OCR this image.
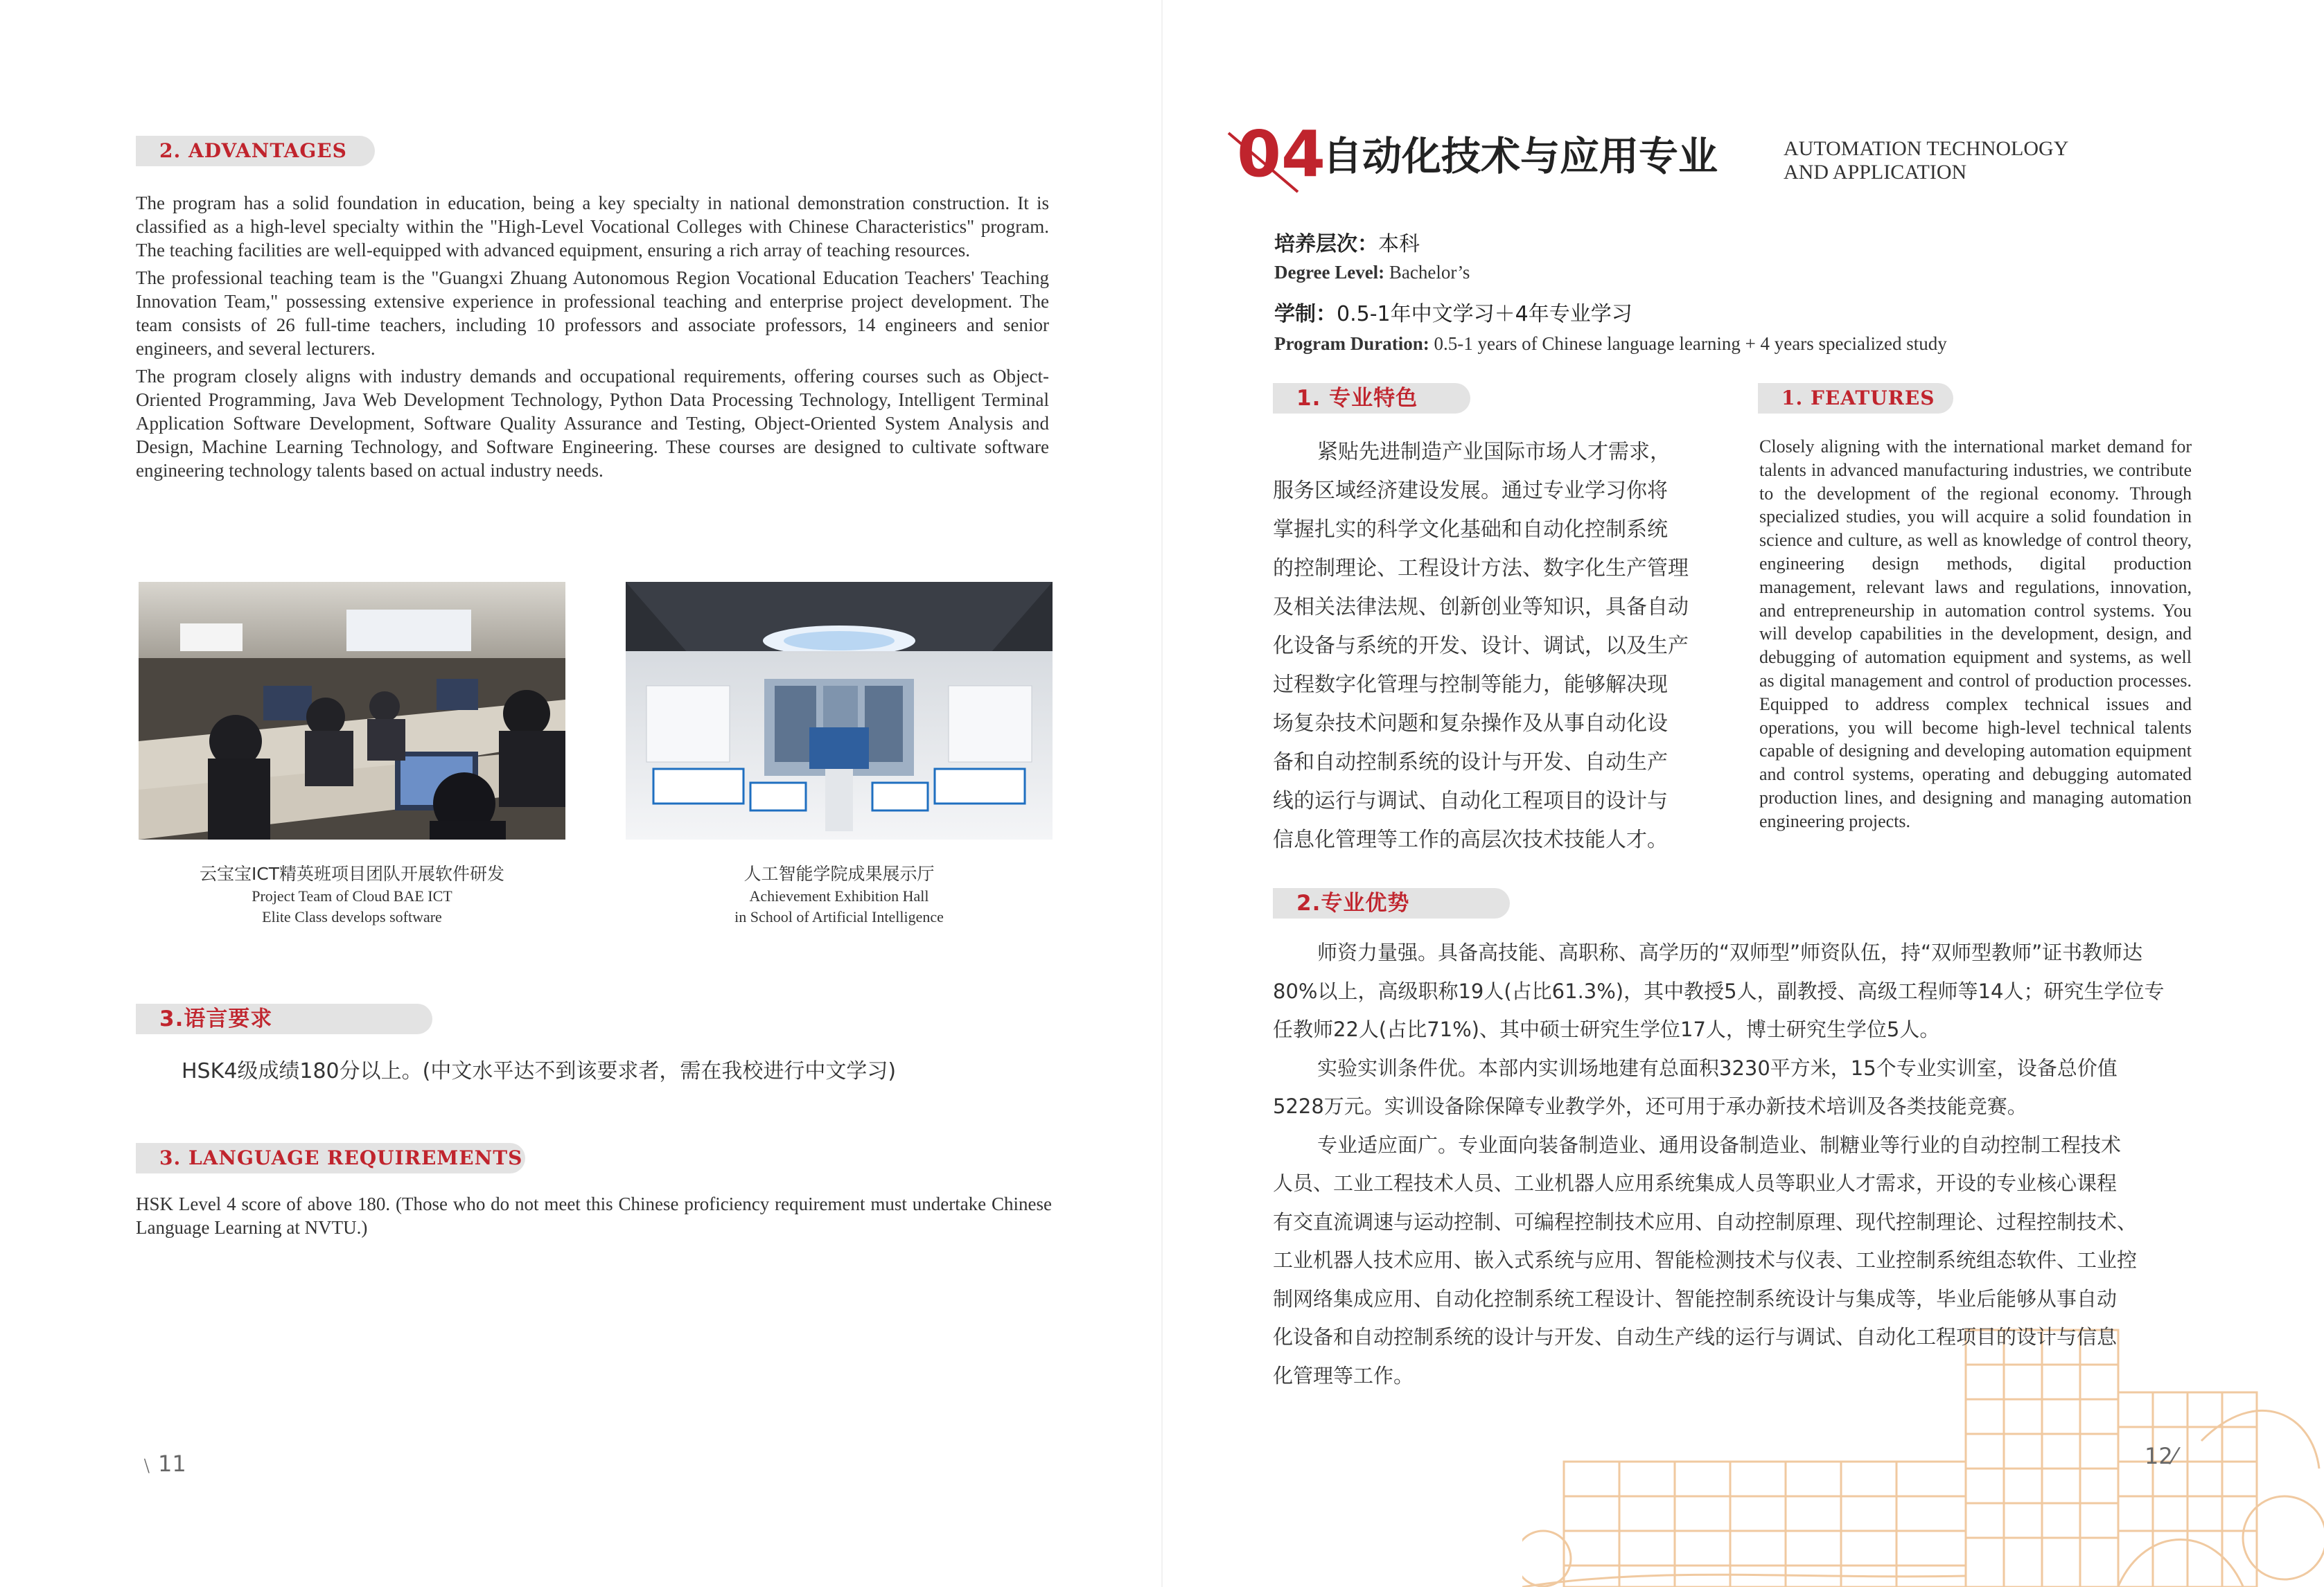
2. ADVANTAGES

The program has a solid foundation in education, being a key specialty in national demonstration construction. It is classified as a high-level specialty within the "High-Level Vocational Colleges with Chinese Characteristics" program. The teaching facilities are well-equipped with advanced equipment, ensuring a rich array of teaching resources.

The professional teaching team is the "Guangxi Zhuang Autonomous Region Vocational Education Teachers' Teaching Innovation Team," possessing extensive experience in professional teaching and enterprise project development. The team consists of 26 full-time teachers, including 10 professors and associate professors, 14 engineers and senior engineers, and several lecturers.

The program closely aligns with industry demands and occupational requirements, offering courses such as Object-Oriented Programming, Java Web Development Technology, Python Data Processing Technology, Intelligent Terminal Application Software Development, Software Quality Assurance and Testing, Object-Oriented System Analysis and Design, Machine Learning Technology, and Software Engineering. These courses are designed to cultivate software engineering technology talents based on actual industry needs.

云宝宝ICT精英班项目团队开展软件研发
Project Team of Cloud BAE ICT
Elite Class develops software
人工智能学院成果展示厅
Achievement Exhibition Hall
in School of Artificial Intelligence
3.语言要求
HSK4级成绩180分以上。(中文水平达不到该要求者，需在我校进行中文学习)
3. LANGUAGE REQUIREMENTS
HSK Level 4 score of above 180. (Those who do not meet this Chinese proficiency requirement must undertake Chinese Language Learning at NVTU.)
﹨11
04
自动化技术与应用专业	AUTOMATION TECHNOLOGY
AND APPLICATION
培养层次：本科
Degree Level: Bachelor’s
学制：0.5-1年中文学习＋4年专业学习
Program Duration: 0.5-1 years of Chinese language learning + 4 years specialized study
1. 专业特色
紧贴先进制造产业国际市场人才需求，
服务区域经济建设发展。通过专业学习你将
掌握扎实的科学文化基础和自动化控制系统
的控制理论、工程设计方法、数字化生产管理
及相关法律法规、创新创业等知识，具备自动
化设备与系统的开发、设计、调试，以及生产
过程数字化管理与控制等能力，能够解决现
场复杂技术问题和复杂操作及从事自动化设
备和自动控制系统的设计与开发、自动生产
线的运行与调试、自动化工程项目的设计与
信息化管理等工作的高层次技术技能人才。
1. FEATURES
Closely aligning with the international market demand for talents in advanced manufacturing industries, we contribute to the development of the regional economy. Through specialized studies, you will acquire a solid foundation in science and culture, as well as knowledge of control theory, engineering design methods, digital production management, relevant laws and regulations, innovation, and entrepreneurship in automation control systems. You will develop capabilities in the development, design, and debugging of automation equipment and systems, as well as digital management and control of production processes. Equipped to address complex technical issues and operations, you will become high-level technical talents capable of designing and developing automation equipment and control systems, operating and debugging automated production lines, and designing and managing automation engineering projects.
2.专业优势
师资力量强。具备高技能、高职称、高学历的“双师型”师资队伍，持“双师型教师”证书教师达
80%以上，高级职称19人(占比61.3%)，其中教授5人，副教授、高级工程师等14人；研究生学位专
任教师22人(占比71%)、其中硕士研究生学位17人，博士研究生学位5人。
实验实训条件优。本部内实训场地建有总面积3230平方米，15个专业实训室，设备总价值
5228万元。实训设备除保障专业教学外，还可用于承办新技术培训及各类技能竞赛。
专业适应面广。专业面向装备制造业、通用设备制造业、制糖业等行业的自动控制工程技术
人员、工业工程技术人员、工业机器人应用系统集成人员等职业人才需求，开设的专业核心课程
有交直流调速与运动控制、可编程控制技术应用、自动控制原理、现代控制理论、过程控制技术、
工业机器人技术应用、嵌入式系统与应用、智能检测技术与仪表、工业控制系统组态软件、工业控
制网络集成应用、自动化控制系统工程设计、智能控制系统设计与集成等，毕业后能够从事自动
化设备和自动控制系统的设计与开发、自动生产线的运行与调试、自动化工程项目的设计与信息
化管理等工作。
12⁄
